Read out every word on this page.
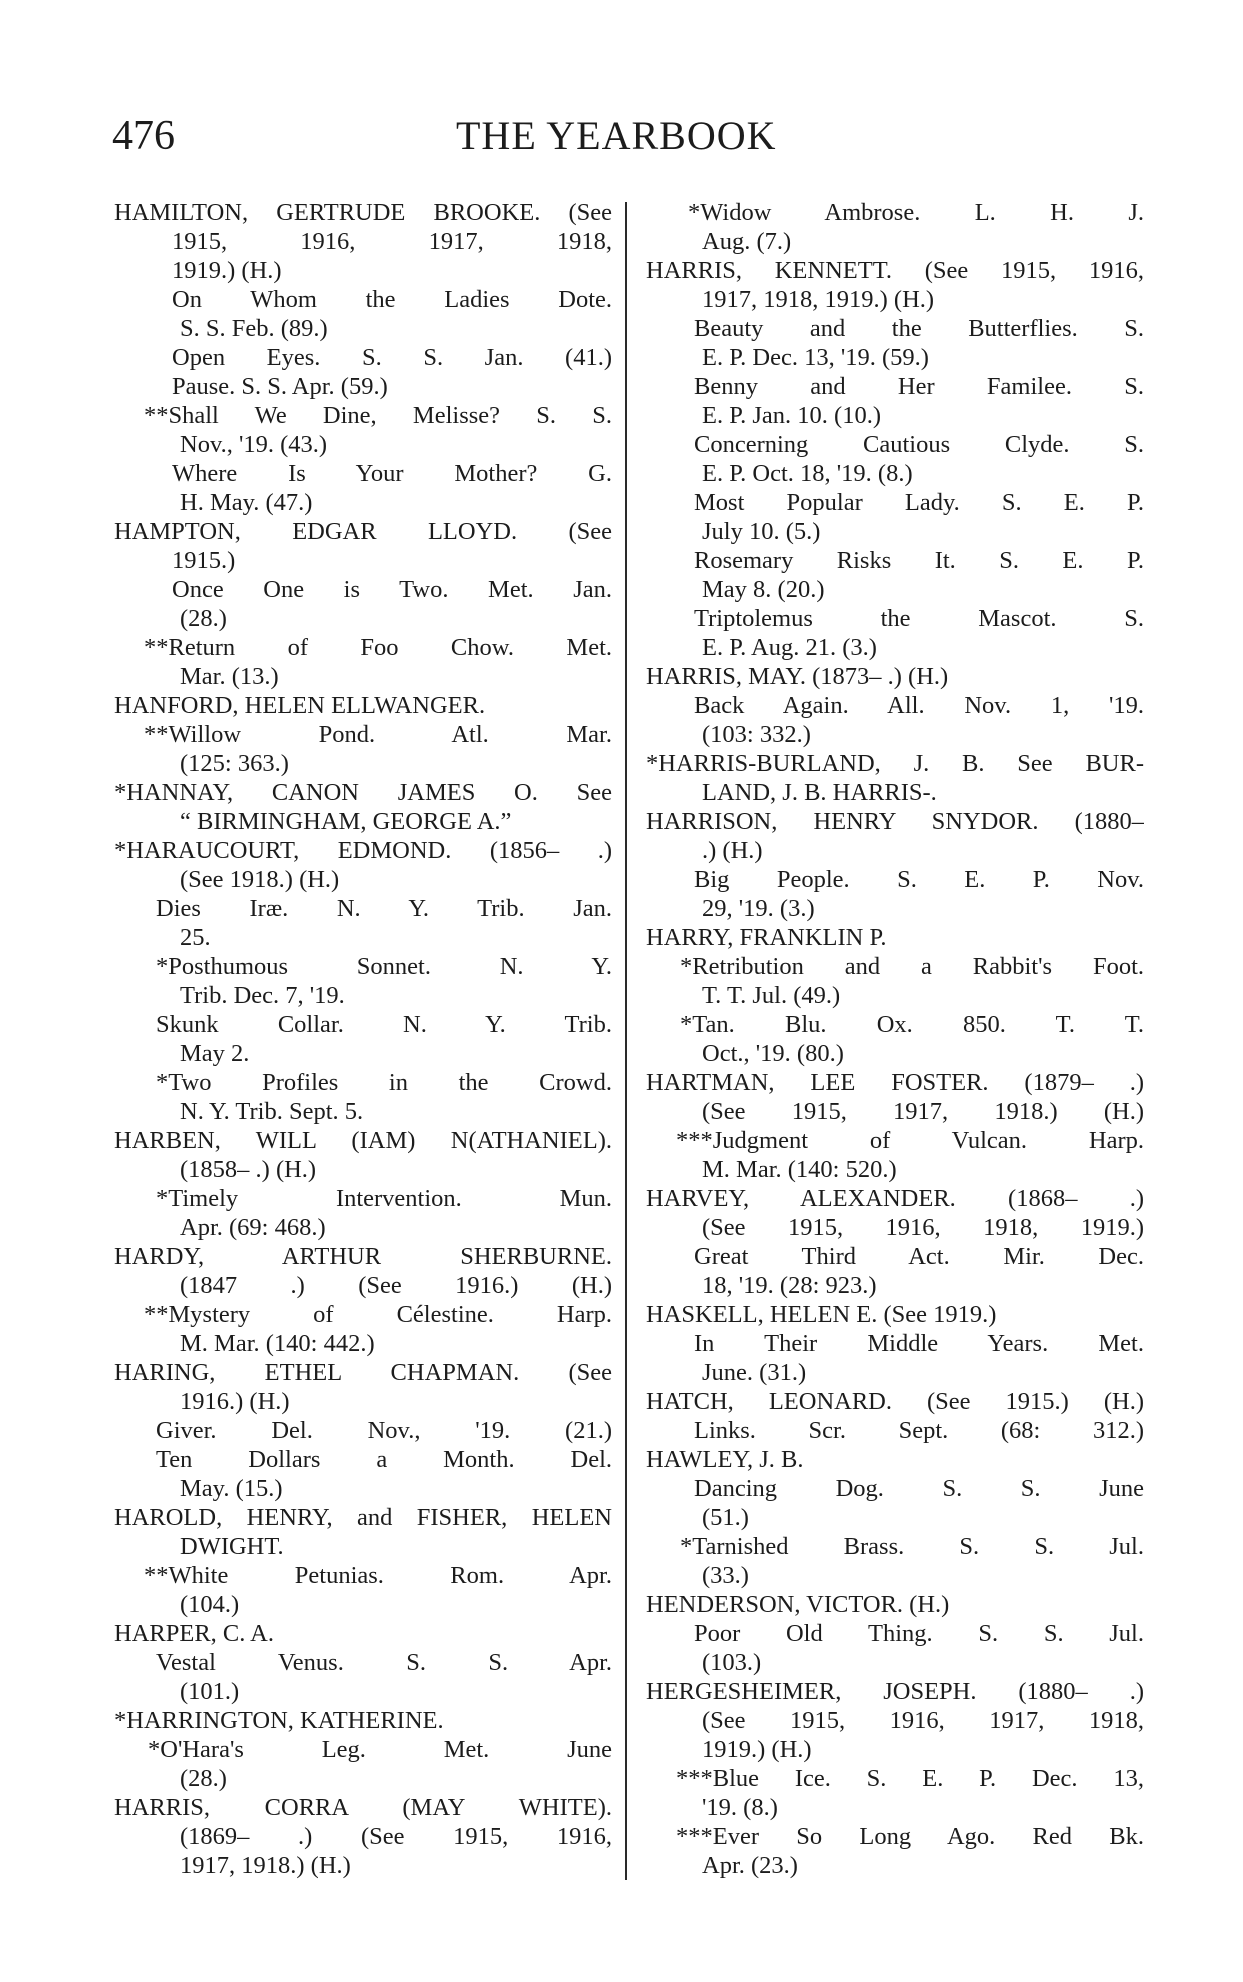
476	THE YEARBOOK
HAMILTON, GERTRUDE BROOKE. (See
1915, 1916, 1917, 1918,
1919.) (H.)
On Whom the Ladies Dote.
S. S. Feb. (89.)
Open Eyes. S. S. Jan. (41.)
Pause. S. S. Apr. (59.)
**Shall We Dine, Melisse? S. S.
Nov., '19. (43.)
Where Is Your Mother? G.
H. May. (47.)
HAMPTON, EDGAR LLOYD. (See
1915.)
Once One is Two. Met. Jan.
(28.)
**Return of Foo Chow. Met.
Mar. (13.)
HANFORD, HELEN ELLWANGER.
**Willow Pond. Atl. Mar.
(125: 363.)
*HANNAY, CANON JAMES O. See
“ BIRMINGHAM, GEORGE A.”
*HARAUCOURT, EDMOND. (1856– .)
(See 1918.) (H.)
Dies Iræ. N. Y. Trib. Jan.
25.
*Posthumous Sonnet. N. Y.
Trib. Dec. 7, '19.
Skunk Collar. N. Y. Trib.
May 2.
*Two Profiles in the Crowd.
N. Y. Trib. Sept. 5.
HARBEN, WILL (IAM) N(ATHANIEL).
(1858– .) (H.)
*Timely Intervention. Mun.
Apr. (69: 468.)
HARDY, ARTHUR SHERBURNE.
(1847 .) (See 1916.) (H.)
**Mystery of Célestine. Harp.
M. Mar. (140: 442.)
HARING, ETHEL CHAPMAN. (See
1916.) (H.)
Giver. Del. Nov., '19. (21.)
Ten Dollars a Month. Del.
May. (15.)
HAROLD, HENRY, and FISHER, HELEN
DWIGHT.
**White Petunias. Rom. Apr.
(104.)
HARPER, C. A.
Vestal Venus. S. S. Apr.
(101.)
*HARRINGTON, KATHERINE.
*O'Hara's Leg. Met. June
(28.)
HARRIS, CORRA (MAY WHITE).
(1869– .) (See 1915, 1916,
1917, 1918.) (H.)
*Widow Ambrose. L. H. J.
Aug. (7.)
HARRIS, KENNETT. (See 1915, 1916,
1917, 1918, 1919.) (H.)
Beauty and the Butterflies. S.
E. P. Dec. 13, '19. (59.)
Benny and Her Familee. S.
E. P. Jan. 10. (10.)
Concerning Cautious Clyde. S.
E. P. Oct. 18, '19. (8.)
Most Popular Lady. S. E. P.
July 10. (5.)
Rosemary Risks It. S. E. P.
May 8. (20.)
Triptolemus the Mascot. S.
E. P. Aug. 21. (3.)
HARRIS, MAY. (1873– .) (H.)
Back Again. All. Nov. 1, '19.
(103: 332.)
*HARRIS-BURLAND, J. B. See BUR-
LAND, J. B. HARRIS-.
HARRISON, HENRY SNYDOR. (1880–
.) (H.)
Big People. S. E. P. Nov.
29, '19. (3.)
HARRY, FRANKLIN P.
*Retribution and a Rabbit's Foot.
T. T. Jul. (49.)
*Tan. Blu. Ox. 850. T. T.
Oct., '19. (80.)
HARTMAN, LEE FOSTER. (1879– .)
(See 1915, 1917, 1918.) (H.)
***Judgment of Vulcan. Harp.
M. Mar. (140: 520.)
HARVEY, ALEXANDER. (1868– .)
(See 1915, 1916, 1918, 1919.)
Great Third Act. Mir. Dec.
18, '19. (28: 923.)
HASKELL, HELEN E. (See 1919.)
In Their Middle Years. Met.
June. (31.)
HATCH, LEONARD. (See 1915.) (H.)
Links. Scr. Sept. (68: 312.)
HAWLEY, J. B.
Dancing Dog. S. S. June
(51.)
*Tarnished Brass. S. S. Jul.
(33.)
HENDERSON, VICTOR. (H.)
Poor Old Thing. S. S. Jul.
(103.)
HERGESHEIMER, JOSEPH. (1880– .)
(See 1915, 1916, 1917, 1918,
1919.) (H.)
***Blue Ice. S. E. P. Dec. 13,
'19. (8.)
***Ever So Long Ago. Red Bk.
Apr. (23.)
